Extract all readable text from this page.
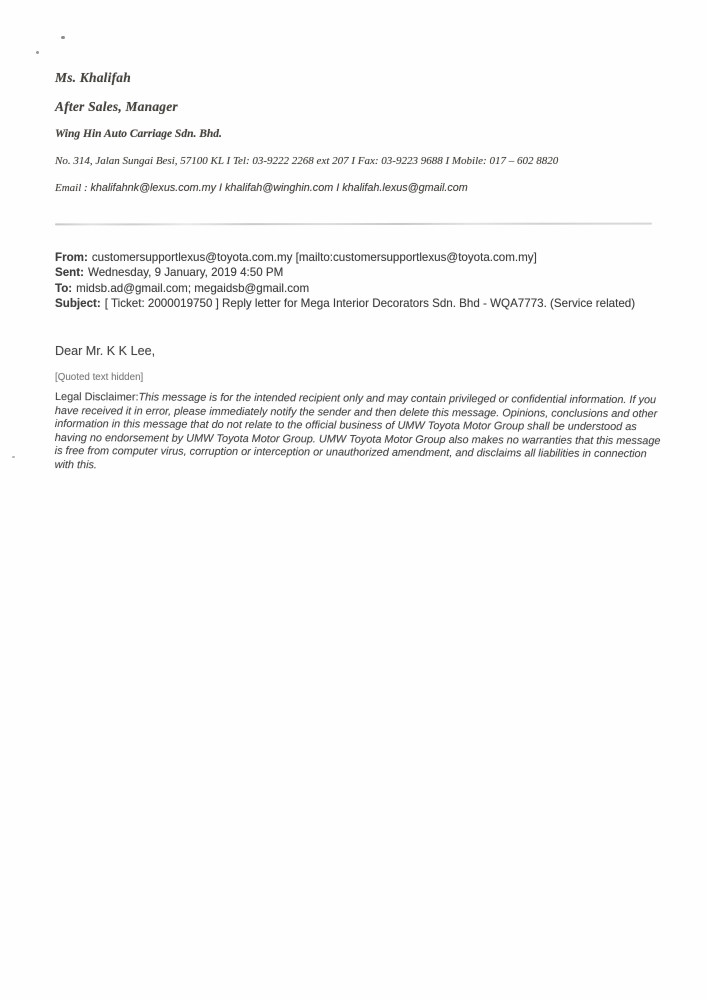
Ms. Khalifah

After Sales, Manager

Wing Hin Auto Carriage Sdn. Bhd.

No. 314, Jalan Sungai Besi, 57100 KL I Tel: 03-9222 2268 ext 207 I Fax: 03-9223 9688 I Mobile: 017 – 602 8820

Email : khalifahnk@lexus.com.my I khalifah@winghin.com I khalifah.lexus@gmail.com

From: customersupportlexus@toyota.com.my [mailto:customersupportlexus@toyota.com.my]
Sent: Wednesday, 9 January, 2019 4:50 PM
To: midsb.ad@gmail.com; megaidsb@gmail.com
Subject: [ Ticket: 2000019750 ] Reply letter for Mega Interior Decorators Sdn. Bhd - WQA7773. (Service related)

Dear Mr. K K Lee,

[Quoted text hidden]

Legal Disclaimer:This message is for the intended recipient only and may contain privileged or confidential information. If you have received it in error, please immediately notify the sender and then delete this message. Opinions, conclusions and other information in this message that do not relate to the official business of UMW Toyota Motor Group shall be understood as having no endorsement by UMW Toyota Motor Group. UMW Toyota Motor Group also makes no warranties that this message is free from computer virus, corruption or interception or unauthorized amendment, and disclaims all liabilities in connection with this.
